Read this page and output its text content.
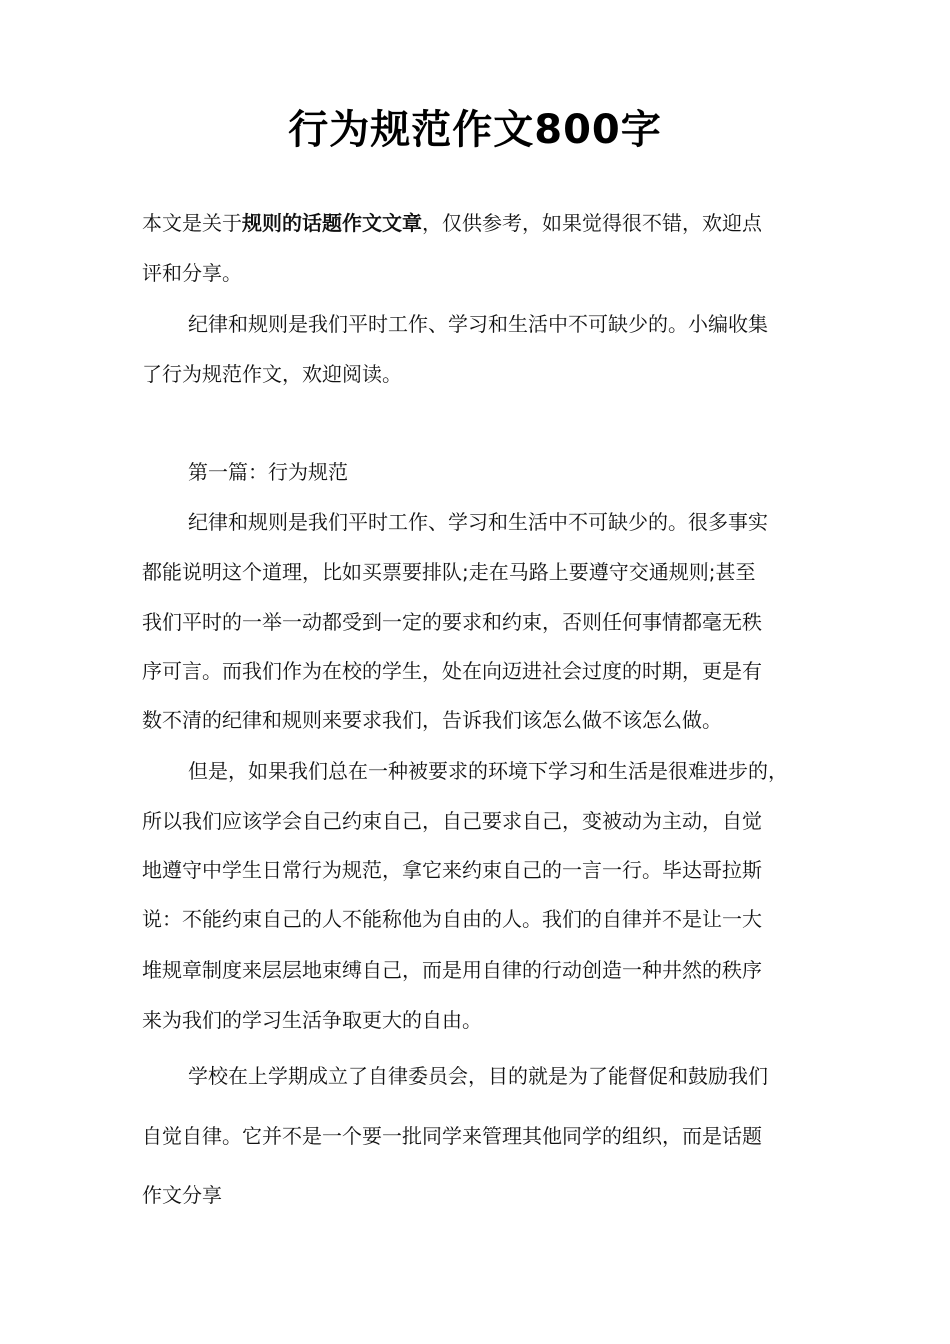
行为规范作文800字
本文是关于规则的话题作文文章，仅供参考，如果觉得很不错，欢迎点
评和分享。
纪律和规则是我们平时工作、学习和生活中不可缺少的。小编收集
了行为规范作文，欢迎阅读。
第一篇：行为规范
纪律和规则是我们平时工作、学习和生活中不可缺少的。很多事实
都能说明这个道理，比如买票要排队;走在马路上要遵守交通规则;甚至
我们平时的一举一动都受到一定的要求和约束，否则任何事情都毫无秩
序可言。而我们作为在校的学生，处在向迈进社会过度的时期，更是有
数不清的纪律和规则来要求我们，告诉我们该怎么做不该怎么做。
但是，如果我们总在一种被要求的环境下学习和生活是很难进步的，
所以我们应该学会自己约束自己，自己要求自己，变被动为主动，自觉
地遵守中学生日常行为规范，拿它来约束自己的一言一行。毕达哥拉斯
说：不能约束自己的人不能称他为自由的人。我们的自律并不是让一大
堆规章制度来层层地束缚自己，而是用自律的行动创造一种井然的秩序
来为我们的学习生活争取更大的自由。
学校在上学期成立了自律委员会，目的就是为了能督促和鼓励我们
自觉自律。它并不是一个要一批同学来管理其他同学的组织，而是话题
作文分享
